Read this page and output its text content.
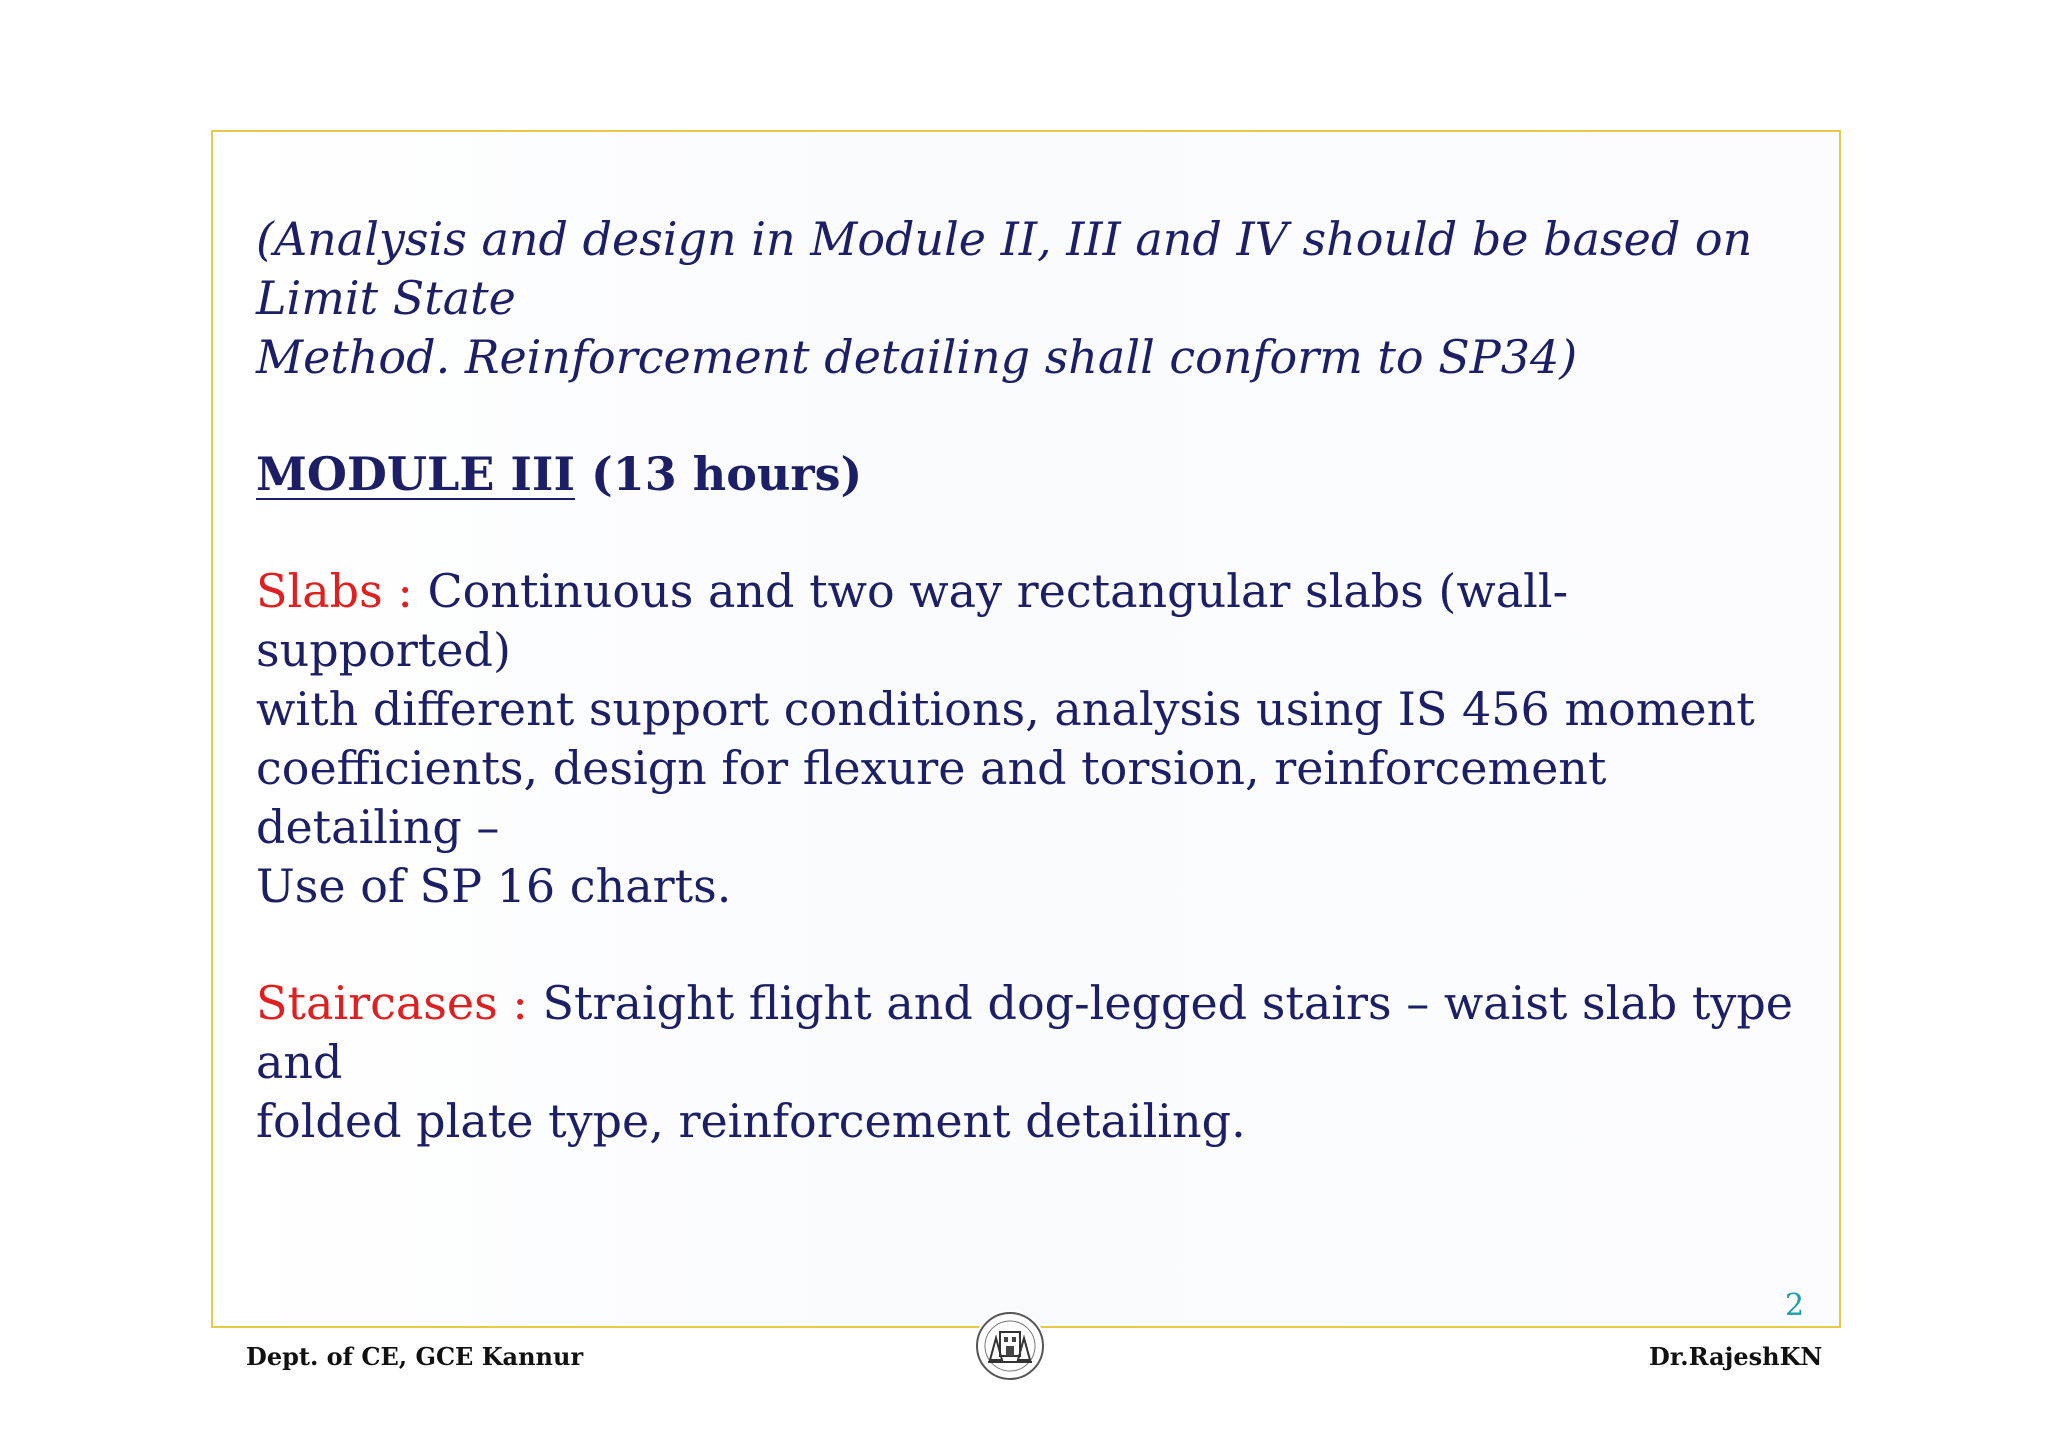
(Analysis and design in Module II, III and IV should be based on Limit State
Method. Reinforcement detailing shall conform to SP34)

MODULE III (13 hours)
Slabs : Continuous and two way rectangular slabs (wall-supported)
with different support conditions, analysis using IS 456 moment
coefficients, design for flexure and torsion, reinforcement detailing –
Use of SP 16 charts.
Staircases : Straight flight and dog-legged stairs – waist slab type and
folded plate type, reinforcement detailing.
2
Dept. of CE, GCE Kannur	Dr.RajeshKN
